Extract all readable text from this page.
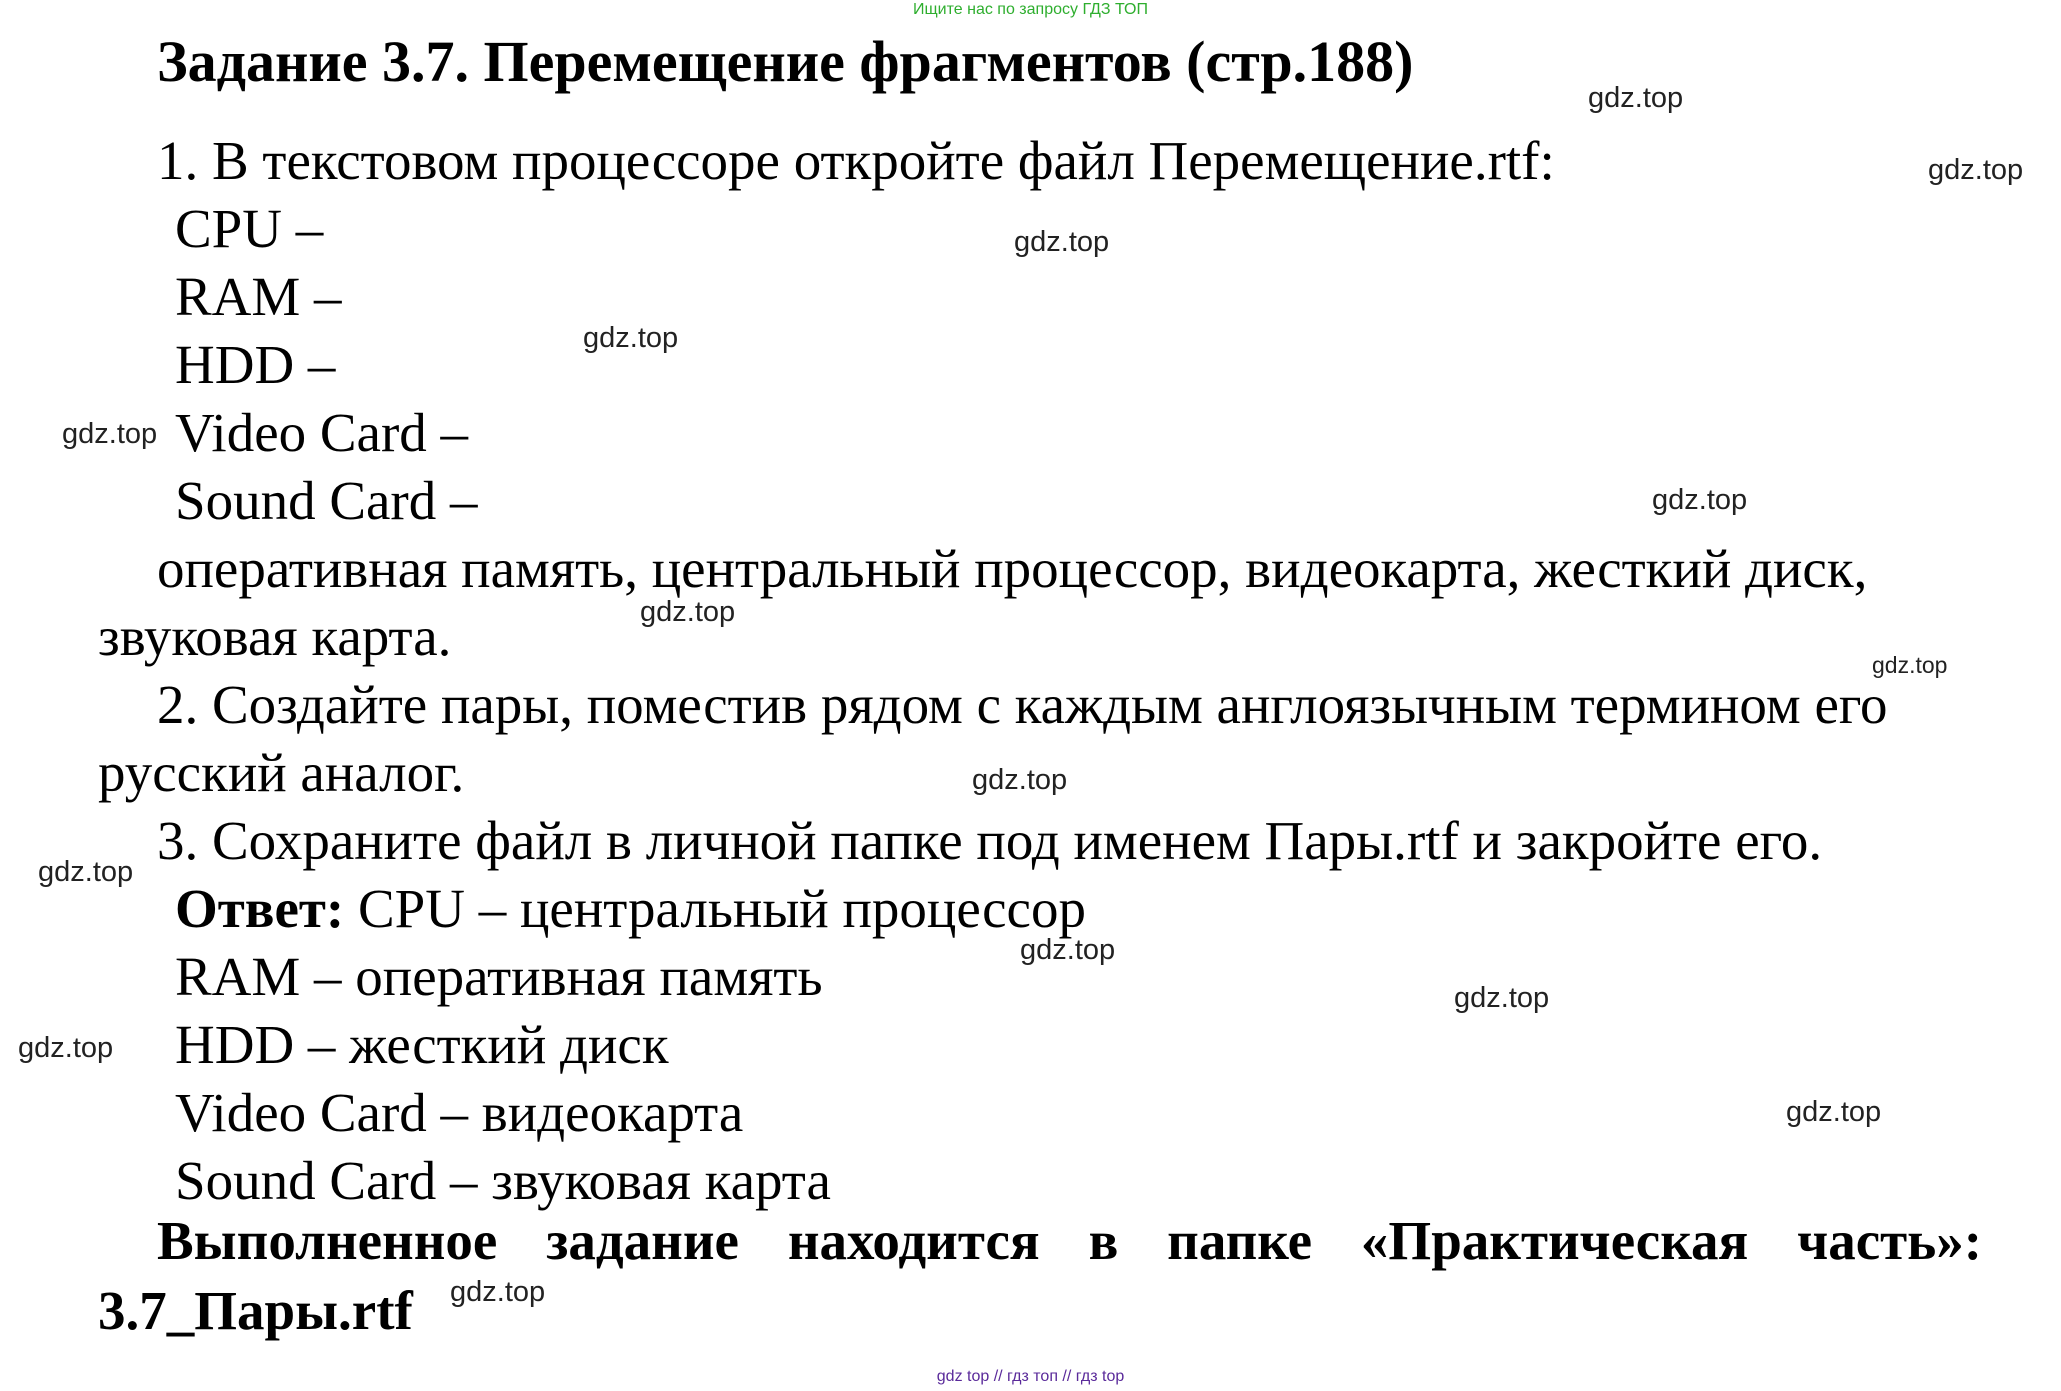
Ищите нас по запросу ГДЗ ТОП
Задание 3.7. Перемещение фрагментов (стр.188)
1. В текстовом процессоре откройте файл Перемещение.rtf:
CPU –
RAM –
HDD –
Video Card –
Sound Card –
оперативная память, центральный процессор, видеокарта, жесткий диск,
звуковая карта.
2. Создайте пары, поместив рядом с каждым англоязычным термином его
русский аналог.
3. Сохраните файл в личной папке под именем Пары.rtf и закройте его.
Ответ: CPU – центральный процессор
RAM – оперативная память
HDD – жесткий диск
Video Card – видеокарта
Sound Card – звуковая карта
Выполненное задание находится в папке «Практическая часть»:
3.7_Пары.rtf
gdz.top
gdz.top
gdz.top
gdz.top
gdz.top
gdz.top
gdz.top
gdz.top
gdz.top
gdz.top
gdz.top
gdz.top
gdz.top
gdz.top
gdz.top
gdz top // гдз топ // гдз top
